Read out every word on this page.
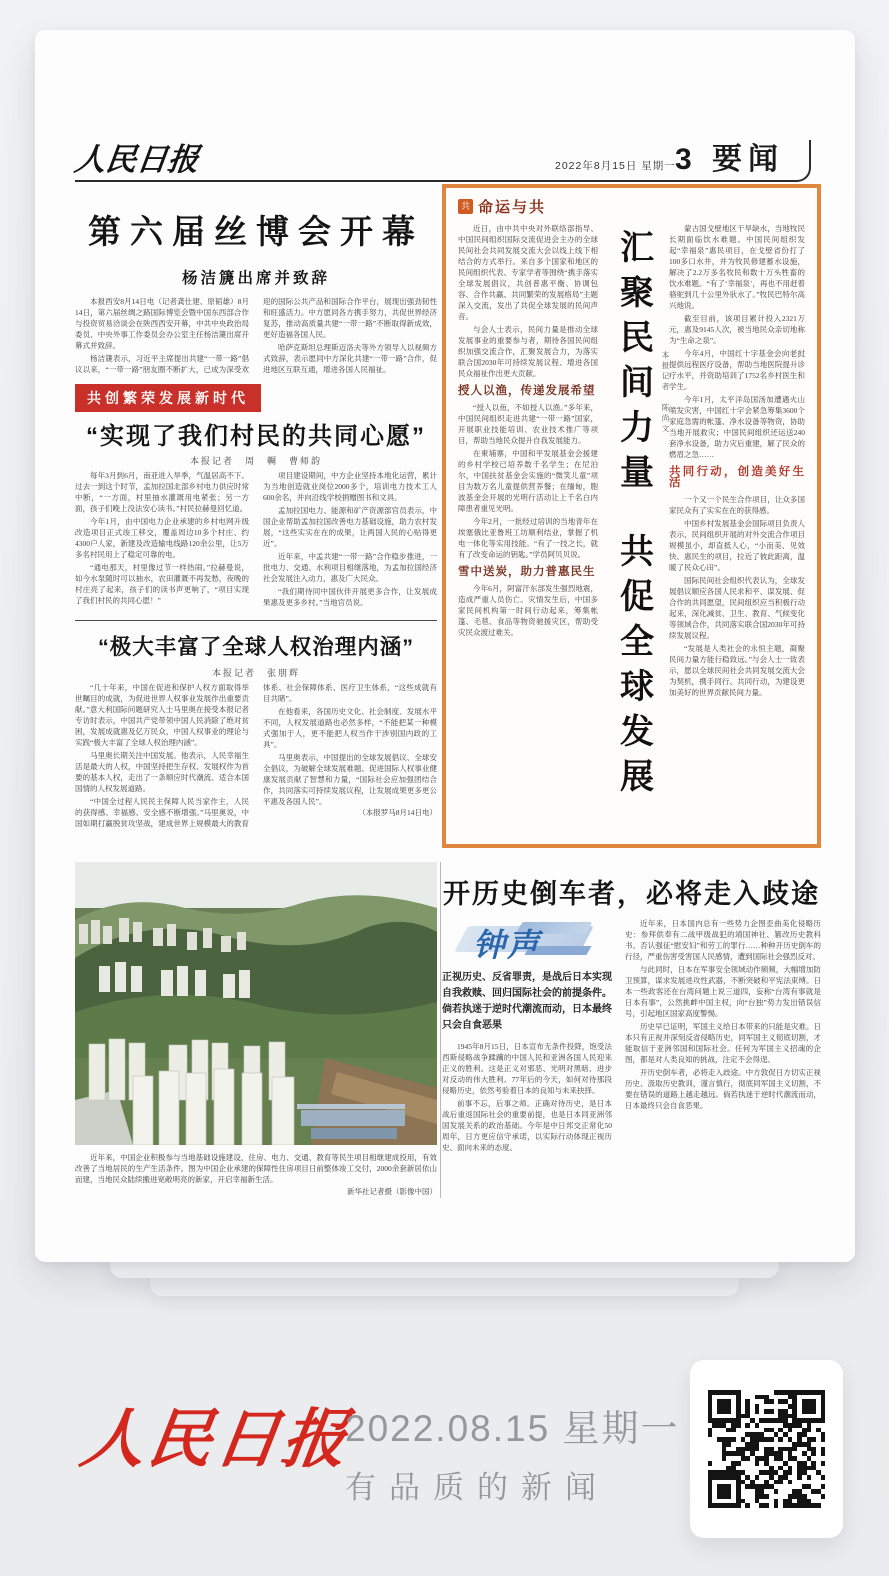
人民日报	2022年8月15日 星期一 3 要闻
第六届丝博会开幕
杨洁篪出席并致辞

本报西安8月14日电（记者龚仕建、原韬雄）8月14日，第六届丝绸之路国际博览会暨中国东西部合作与投资贸易洽谈会在陕西西安开幕，中共中央政治局委员、中央外事工作委员会办公室主任杨洁篪出席开幕式并致辞。

杨洁篪表示，习近平主席提出共建“一带一路”倡议以来，“一带一路”朋友圈不断扩大，已成为深受欢迎的国际公共产品和国际合作平台，展现出强劲韧性和旺盛活力。中方愿同各方携手努力，共促世界经济复苏，推动高质量共建“一带一路”不断取得新成效，更好造福各国人民。

哈萨克斯坦总理斯迈洛夫等外方领导人以视频方式致辞，表示愿同中方深化共建“一带一路”合作，促进地区互联互通，增进各国人民福祉。

共创繁荣发展新时代
“实现了我们村民的共同心愿”
本报记者　周　輖　曹师韵

每年3月到6月，南亚进入旱季，气温居高不下。过去一到这个时节，孟加拉国北部乡村电力供应时常中断，“一方面，村里抽水灌溉用电紧张；另一方面，孩子们晚上没法安心读书。”村民拉赫曼回忆道。

今年1月，由中国电力企业承建的乡村电网升级改造项目正式竣工移交，覆盖周边10多个村庄、约4300户人家，新建及改造输电线路120余公里，让5万多名村民用上了稳定可靠的电。

“通电那天，村里像过节一样热闹。”拉赫曼说，如今水泵随时可以抽水，农田灌溉不再发愁，夜晚的村庄亮了起来，孩子们的读书声更响了，“项目实现了我们村民的共同心愿！”

项目建设期间，中方企业坚持本地化运营，累计为当地创造就业岗位2000多个，培训电力技术工人600余名，并向沿线学校捐赠图书和文具。

孟加拉国电力、能源和矿产资源部官员表示，中国企业帮助孟加拉国改善电力基础设施，助力农村发展，“这些实实在在的成果，让两国人民的心贴得更近”。

近年来，中孟共建“一带一路”合作稳步推进，一批电力、交通、水利项目相继落地，为孟加拉国经济社会发展注入动力，惠及广大民众。

“我们期待同中国伙伴开展更多合作，让发展成果惠及更多乡村。”当地官员说。

“极大丰富了全球人权治理内涵”
本报记者　张朋辉

“几十年来，中国在促进和保护人权方面取得举世瞩目的成就，为促进世界人权事业发展作出重要贡献。”意大利国际问题研究人士马里奥在接受本报记者专访时表示，中国共产党带领中国人民消除了绝对贫困，发展成就惠及亿万民众，中国人权事业的理论与实践“极大丰富了全球人权治理内涵”。

马里奥长期关注中国发展。他表示，人民幸福生活是最大的人权，中国坚持把生存权、发展权作为首要的基本人权，走出了一条顺应时代潮流、适合本国国情的人权发展道路。

“中国全过程人民民主保障人民当家作主，人民的获得感、幸福感、安全感不断增强。”马里奥说，中国如期打赢脱贫攻坚战，建成世界上规模最大的教育体系、社会保障体系、医疗卫生体系，“这些成就有目共睹”。

在他看来，各国历史文化、社会制度、发展水平不同，人权发展道路也必然多样，“不能把某一种模式强加于人，更不能把人权当作干涉别国内政的工具”。

马里奥表示，中国提出的全球发展倡议、全球安全倡议，为破解全球发展难题、促进国际人权事业健康发展贡献了智慧和力量，“国际社会应加强团结合作，共同落实可持续发展议程，让发展成果更多更公平惠及各国人民”。

（本报罗马8月14日电）

近年来，中国企业积极参与当地基础设施建设，住房、电力、交通、教育等民生项目相继建成投用，有效改善了当地居民的生产生活条件。图为中国企业承建的保障性住房项目日前整体竣工交付，2000余套新居依山而建，当地民众陆续搬进宽敞明亮的新家，开启幸福新生活。

新华社记者摄（影像中国）

共 命运与共

近日，由中共中央对外联络部指导、中国民间组织国际交流促进会主办的全球民间社会共同发展交流大会以线上线下相结合的方式举行。来自多个国家和地区的民间组织代表、专家学者等围绕“携手落实全球发展倡议，共创普惠平衡、协调包容、合作共赢、共同繁荣的发展格局”主题深入交流，发出了共促全球发展的民间声音。

与会人士表示，民间力量是推动全球发展事业的重要参与者，期待各国民间组织加强交流合作，汇聚发展合力，为落实联合国2030年可持续发展议程、增进各国民众福祉作出更大贡献。

授人以渔，传递发展希望

“授人以鱼，不如授人以渔。”多年来，中国民间组织走进共建“一带一路”国家，开展职业技能培训、农业技术推广等项目，帮助当地民众提升自我发展能力。

在柬埔寨，中国和平发展基金会援建的乡村学校已培养数千名学生；在尼泊尔，中国扶贫基金会实施的“微笑儿童”项目为数万名儿童提供营养餐；在缅甸，胞波基金会开展的光明行活动让上千名白内障患者重见光明。

今年2月，一批经过培训的当地青年在埃塞俄比亚鲁班工坊顺利结业，掌握了机电一体化等实用技能。“有了一技之长，就有了改变命运的钥匙。”学员阿贝贝说。

雪中送炭，助力普惠民生

今年6月，阿富汗东部发生强烈地震，造成严重人员伤亡。灾情发生后，中国多家民间机构第一时间行动起来，筹集帐篷、毛毯、食品等物资驰援灾区，帮助受灾民众渡过难关。

汇聚民间力量共促全球发展
本报记者　陈尚文

蒙古国戈壁地区干旱缺水，当地牧民长期面临饮水难题。中国民间组织发起“幸福泉”惠民项目，在戈壁省份打了100多口水井，并为牧民修建蓄水设施，解决了2.2万多名牧民和数十万头牲畜的饮水难题。“有了‘幸福泉’，再也不用赶着骆驼到几十公里外驮水了。”牧民巴特尔高兴地说。

截至目前，该项目累计投入2321万元，惠及9145人次，被当地民众亲切地称为“生命之泉”。

今年4月，中国红十字基金会向老挝提供远程医疗设备，帮助当地医院提升诊疗水平，并资助培训了1752名乡村医生和学生。

今年1月，太平洋岛国汤加遭遇火山喷发灾害，中国红十字会紧急筹集3600个家庭急需的帐篷、净水设备等物资，协助当地开展救灾；中国民间组织还运送240套净水设备，助力灾后重建，解了民众的燃眉之急……

共同行动，创造美好生活

一个又一个民生合作项目，让众多国家民众有了实实在在的获得感。

中国乡村发展基金会国际项目负责人表示，民间组织开展的对外交流合作项目规模虽小，却直抵人心，“小而美、见效快、惠民生的项目，拉近了彼此距离，温暖了民众心田”。

国际民间社会组织代表认为，全球发展倡议顺应各国人民求和平、谋发展、促合作的共同愿望，民间组织应当积极行动起来，深化减贫、卫生、教育、气候变化等领域合作，共同落实联合国2030年可持续发展议程。

“发展是人类社会的永恒主题，凝聚民间力量方能行稳致远。”与会人士一致表示，愿以全球民间社会共同发展交流大会为契机，携手同行、共同行动，为建设更加美好的世界贡献民间力量。

开历史倒车者，必将走入歧途
钟声

正视历史、反省罪责，是战后日本实现自我救赎、回归国际社会的前提条件。倘若执迷于逆时代潮流而动，日本最终只会自食恶果

1945年8月15日，日本宣布无条件投降，饱受法西斯侵略战争蹂躏的中国人民和亚洲各国人民迎来正义的胜利。这是正义对邪恶、光明对黑暗、进步对反动的伟大胜利。77年后的今天，如何对待那段侵略历史，依然考验着日本的良知与未来抉择。

前事不忘，后事之师。正确对待历史，是日本战后重返国际社会的重要前提，也是日本同亚洲邻国发展关系的政治基础。今年是中日邦交正常化50周年，日方更应信守承诺，以实际行动体现正视历史、面向未来的态度。

近年来，日本国内总有一些势力企图歪曲美化侵略历史：参拜供奉有二战甲级战犯的靖国神社、篡改历史教科书、否认强征“慰安妇”和劳工的罪行……种种开历史倒车的行径，严重伤害受害国人民感情，遭到国际社会强烈反对。

与此同时，日本在军事安全领域动作频频，大幅增加防卫预算，谋求发展进攻性武器，不断突破和平宪法束缚。日本一些政客还在台湾问题上说三道四，妄称“台湾有事就是日本有事”，公然挑衅中国主权，向“台独”势力发出错误信号，引起地区国家高度警惕。

历史早已证明，军国主义给日本带来的只能是灾难。日本只有正视并深刻反省侵略历史，同军国主义彻底切割，才能取信于亚洲邻国和国际社会。任何为军国主义招魂的企图，都是对人类良知的挑战，注定不会得逞。

开历史倒车者，必将走入歧途。中方敦促日方切实正视历史、汲取历史教训，谨言慎行，彻底同军国主义切割，不要在错误的道路上越走越远。倘若执迷于逆时代潮流而动，日本最终只会自食恶果。

人民日报
2022.08.15 星期一
有品质的新闻
